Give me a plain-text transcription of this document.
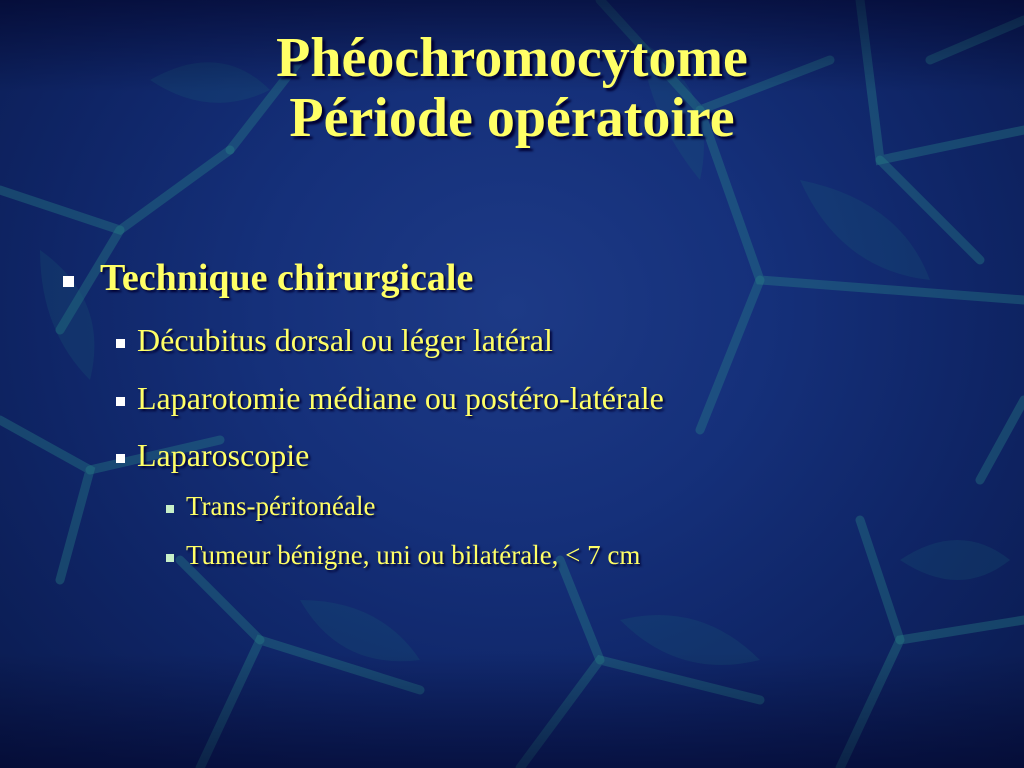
Phéochromocytome
Période opératoire
Technique chirurgicale
Décubitus dorsal ou léger latéral
Laparotomie médiane ou postéro-latérale
Laparoscopie
Trans-péritonéale
Tumeur bénigne, uni ou bilatérale, < 7 cm
